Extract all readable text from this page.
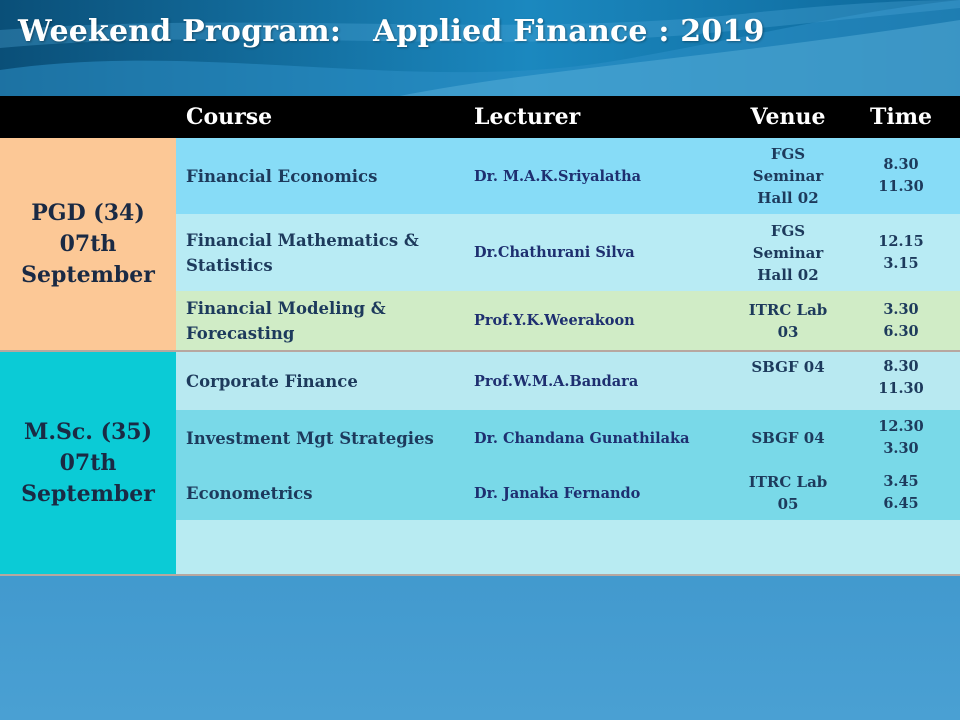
Weekend Program:   Applied Finance : 2019
	Course	Lecturer	Venue	Time

PGD (34)
07th
September	Financial Economics	Dr. M.A.K.Sriyalatha	FGS
Seminar
Hall 02	8.30
11.30

	Financial Mathematics & Statistics	Dr.Chathurani Silva	FGS
Seminar
Hall 02	12.15
3.15

	Financial Modeling & Forecasting	Prof.Y.K.Weerakoon	ITRC Lab
03	3.30
6.30

M.Sc. (35)
07th
September	Corporate Finance	Prof.W.M.A.Bandara	SBGF 04	8.30
11.30

	Investment Mgt Strategies	Dr. Chandana Gunathilaka	SBGF 04	12.30
3.30

	Econometrics	Dr. Janaka Fernando	ITRC Lab
05	3.45
6.45
